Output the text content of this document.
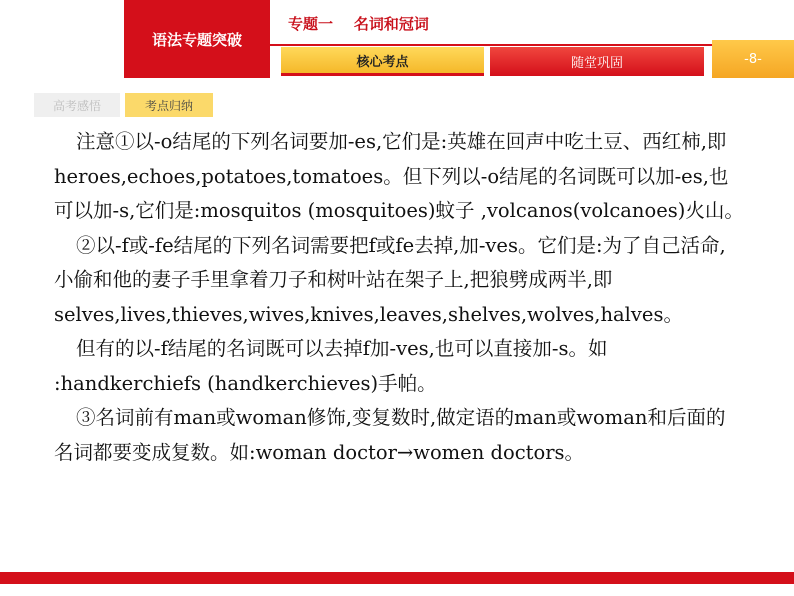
语法专题突破
专题一    名词和冠词
核心考点	随堂巩固	-8-
高考感悟	考点归纳

注意①以-o结尾的下列名词要加-es,它们是:英雄在回声中吃土豆、西红柿,即heroes,echoes,potatoes,tomatoes。但下列以-o结尾的名词既可以加-es,也可以加-s,它们是:mosquitos (mosquitoes)蚊子 ,volcanos(volcanoes)火山。

②以-f或-fe结尾的下列名词需要把f或fe去掉,加-ves。它们是:为了自己活命,小偷和他的妻子手里拿着刀子和树叶站在架子上,把狼劈成两半,即

selves,lives,thieves,wives,knives,leaves,shelves,wolves,halves。

但有的以-f结尾的名词既可以去掉f加-ves,也可以直接加-s。如 :handkerchiefs (handkerchieves)手帕。

③名词前有man或woman修饰,变复数时,做定语的man或woman和后面的名词都要变成复数。如:woman doctor→women doctors。
